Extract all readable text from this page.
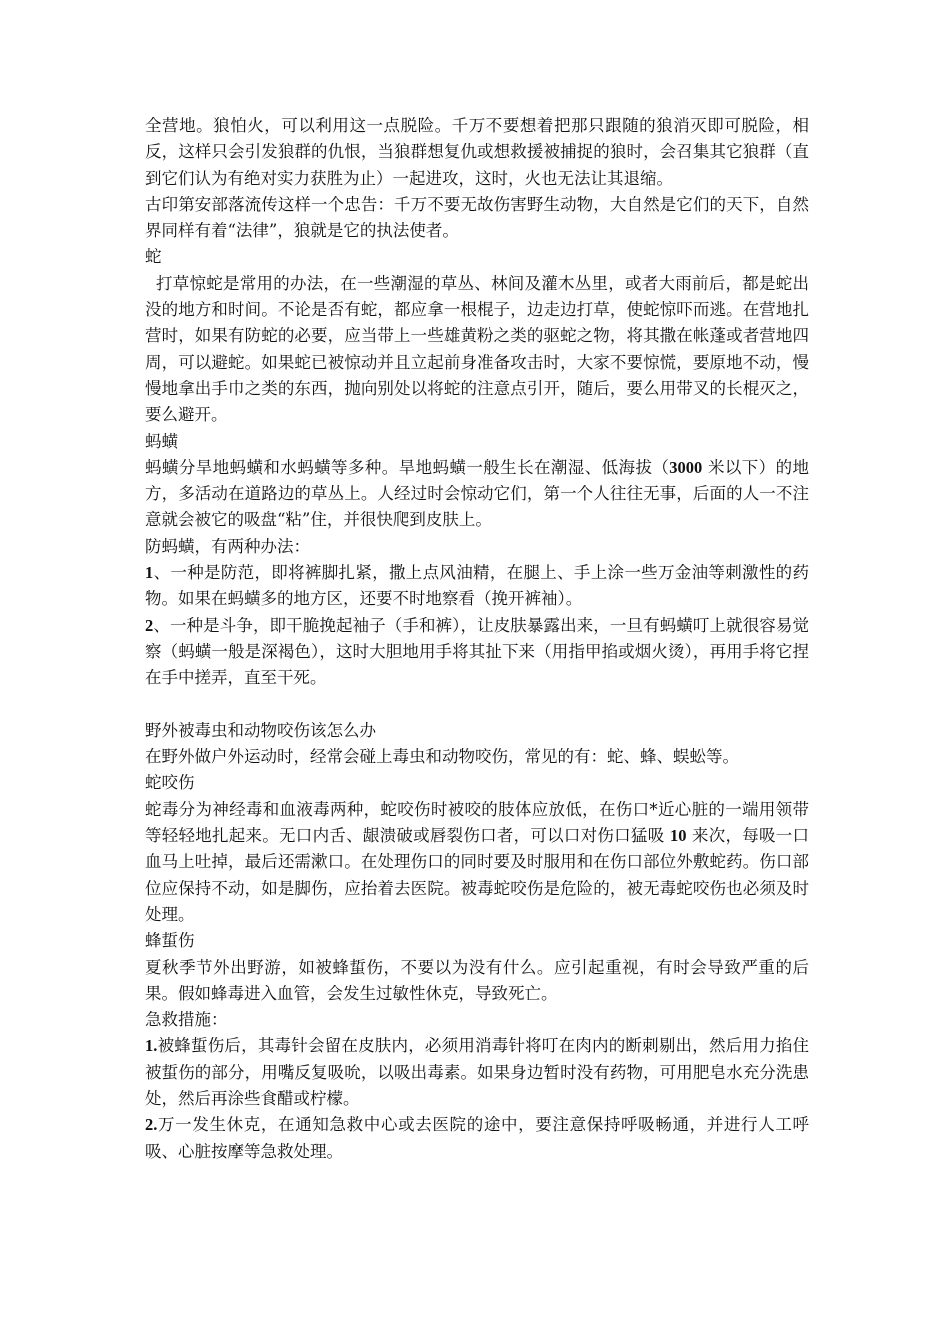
全营地。狼怕火，可以利用这一点脱险。千万不要想着把那只跟随的狼消灭即可脱险，相反，这样只会引发狼群的仇恨，当狼群想复仇或想救援被捕捉的狼时，会召集其它狼群（直到它们认为有绝对实力获胜为止）一起进攻，这时，火也无法让其退缩。

古印第安部落流传这样一个忠告：千万不要无故伤害野生动物，大自然是它们的天下，自然界同样有着“法律”，狼就是它的执法使者。

蛇

打草惊蛇是常用的办法，在一些潮湿的草丛、林间及灌木丛里，或者大雨前后，都是蛇出没的地方和时间。不论是否有蛇，都应拿一根棍子，边走边打草，使蛇惊吓而逃。在营地扎营时，如果有防蛇的必要，应当带上一些雄黄粉之类的驱蛇之物，将其撒在帐蓬或者营地四周，可以避蛇。如果蛇已被惊动并且立起前身准备攻击时，大家不要惊慌，要原地不动，慢慢地拿出手巾之类的东西，抛向别处以将蛇的注意点引开，随后，要么用带叉的长棍灭之，要么避开。

蚂蟥

蚂蟥分旱地蚂蟥和水蚂蟥等多种。旱地蚂蟥一般生长在潮湿、低海拔（3000 米以下）的地方，多活动在道路边的草丛上。人经过时会惊动它们，第一个人往往无事，后面的人一不注意就会被它的吸盘“粘”住，并很快爬到皮肤上。

防蚂蟥，有两种办法：

1、一种是防范，即将裤脚扎紧，撒上点风油精，在腿上、手上涂一些万金油等刺激性的药物。如果在蚂蟥多的地方区，还要不时地察看（挽开裤袖）。

2、一种是斗争，即干脆挽起袖子（手和裤），让皮肤暴露出来，一旦有蚂蟥叮上就很容易觉察（蚂蟥一般是深褐色），这时大胆地用手将其扯下来（用指甲掐或烟火烫），再用手将它捏在手中搓弄，直至干死。

野外被毒虫和动物咬伤该怎么办

在野外做户外运动时，经常会碰上毒虫和动物咬伤，常见的有：蛇、蜂、蜈蚣等。

蛇咬伤

蛇毒分为神经毒和血液毒两种，蛇咬伤时被咬的肢体应放低，在伤口*近心脏的一端用领带等轻轻地扎起来。无口内舌、龈溃破或唇裂伤口者，可以口对伤口猛吸 10 来次，每吸一口血马上吐掉，最后还需漱口。在处理伤口的同时要及时服用和在伤口部位外敷蛇药。伤口部位应保持不动，如是脚伤，应抬着去医院。被毒蛇咬伤是危险的，被无毒蛇咬伤也必须及时处理。

蜂蜇伤

夏秋季节外出野游，如被蜂蜇伤，不要以为没有什么。应引起重视，有时会导致严重的后果。假如蜂毒进入血管，会发生过敏性休克，导致死亡。

急救措施：

1.被蜂蜇伤后，其毒针会留在皮肤内，必须用消毒针将叮在肉内的断刺剔出，然后用力掐住被蜇伤的部分，用嘴反复吸吮，以吸出毒素。如果身边暂时没有药物，可用肥皂水充分洗患处，然后再涂些食醋或柠檬。

2.万一发生休克，在通知急救中心或去医院的途中，要注意保持呼吸畅通，并进行人工呼吸、心脏按摩等急救处理。
